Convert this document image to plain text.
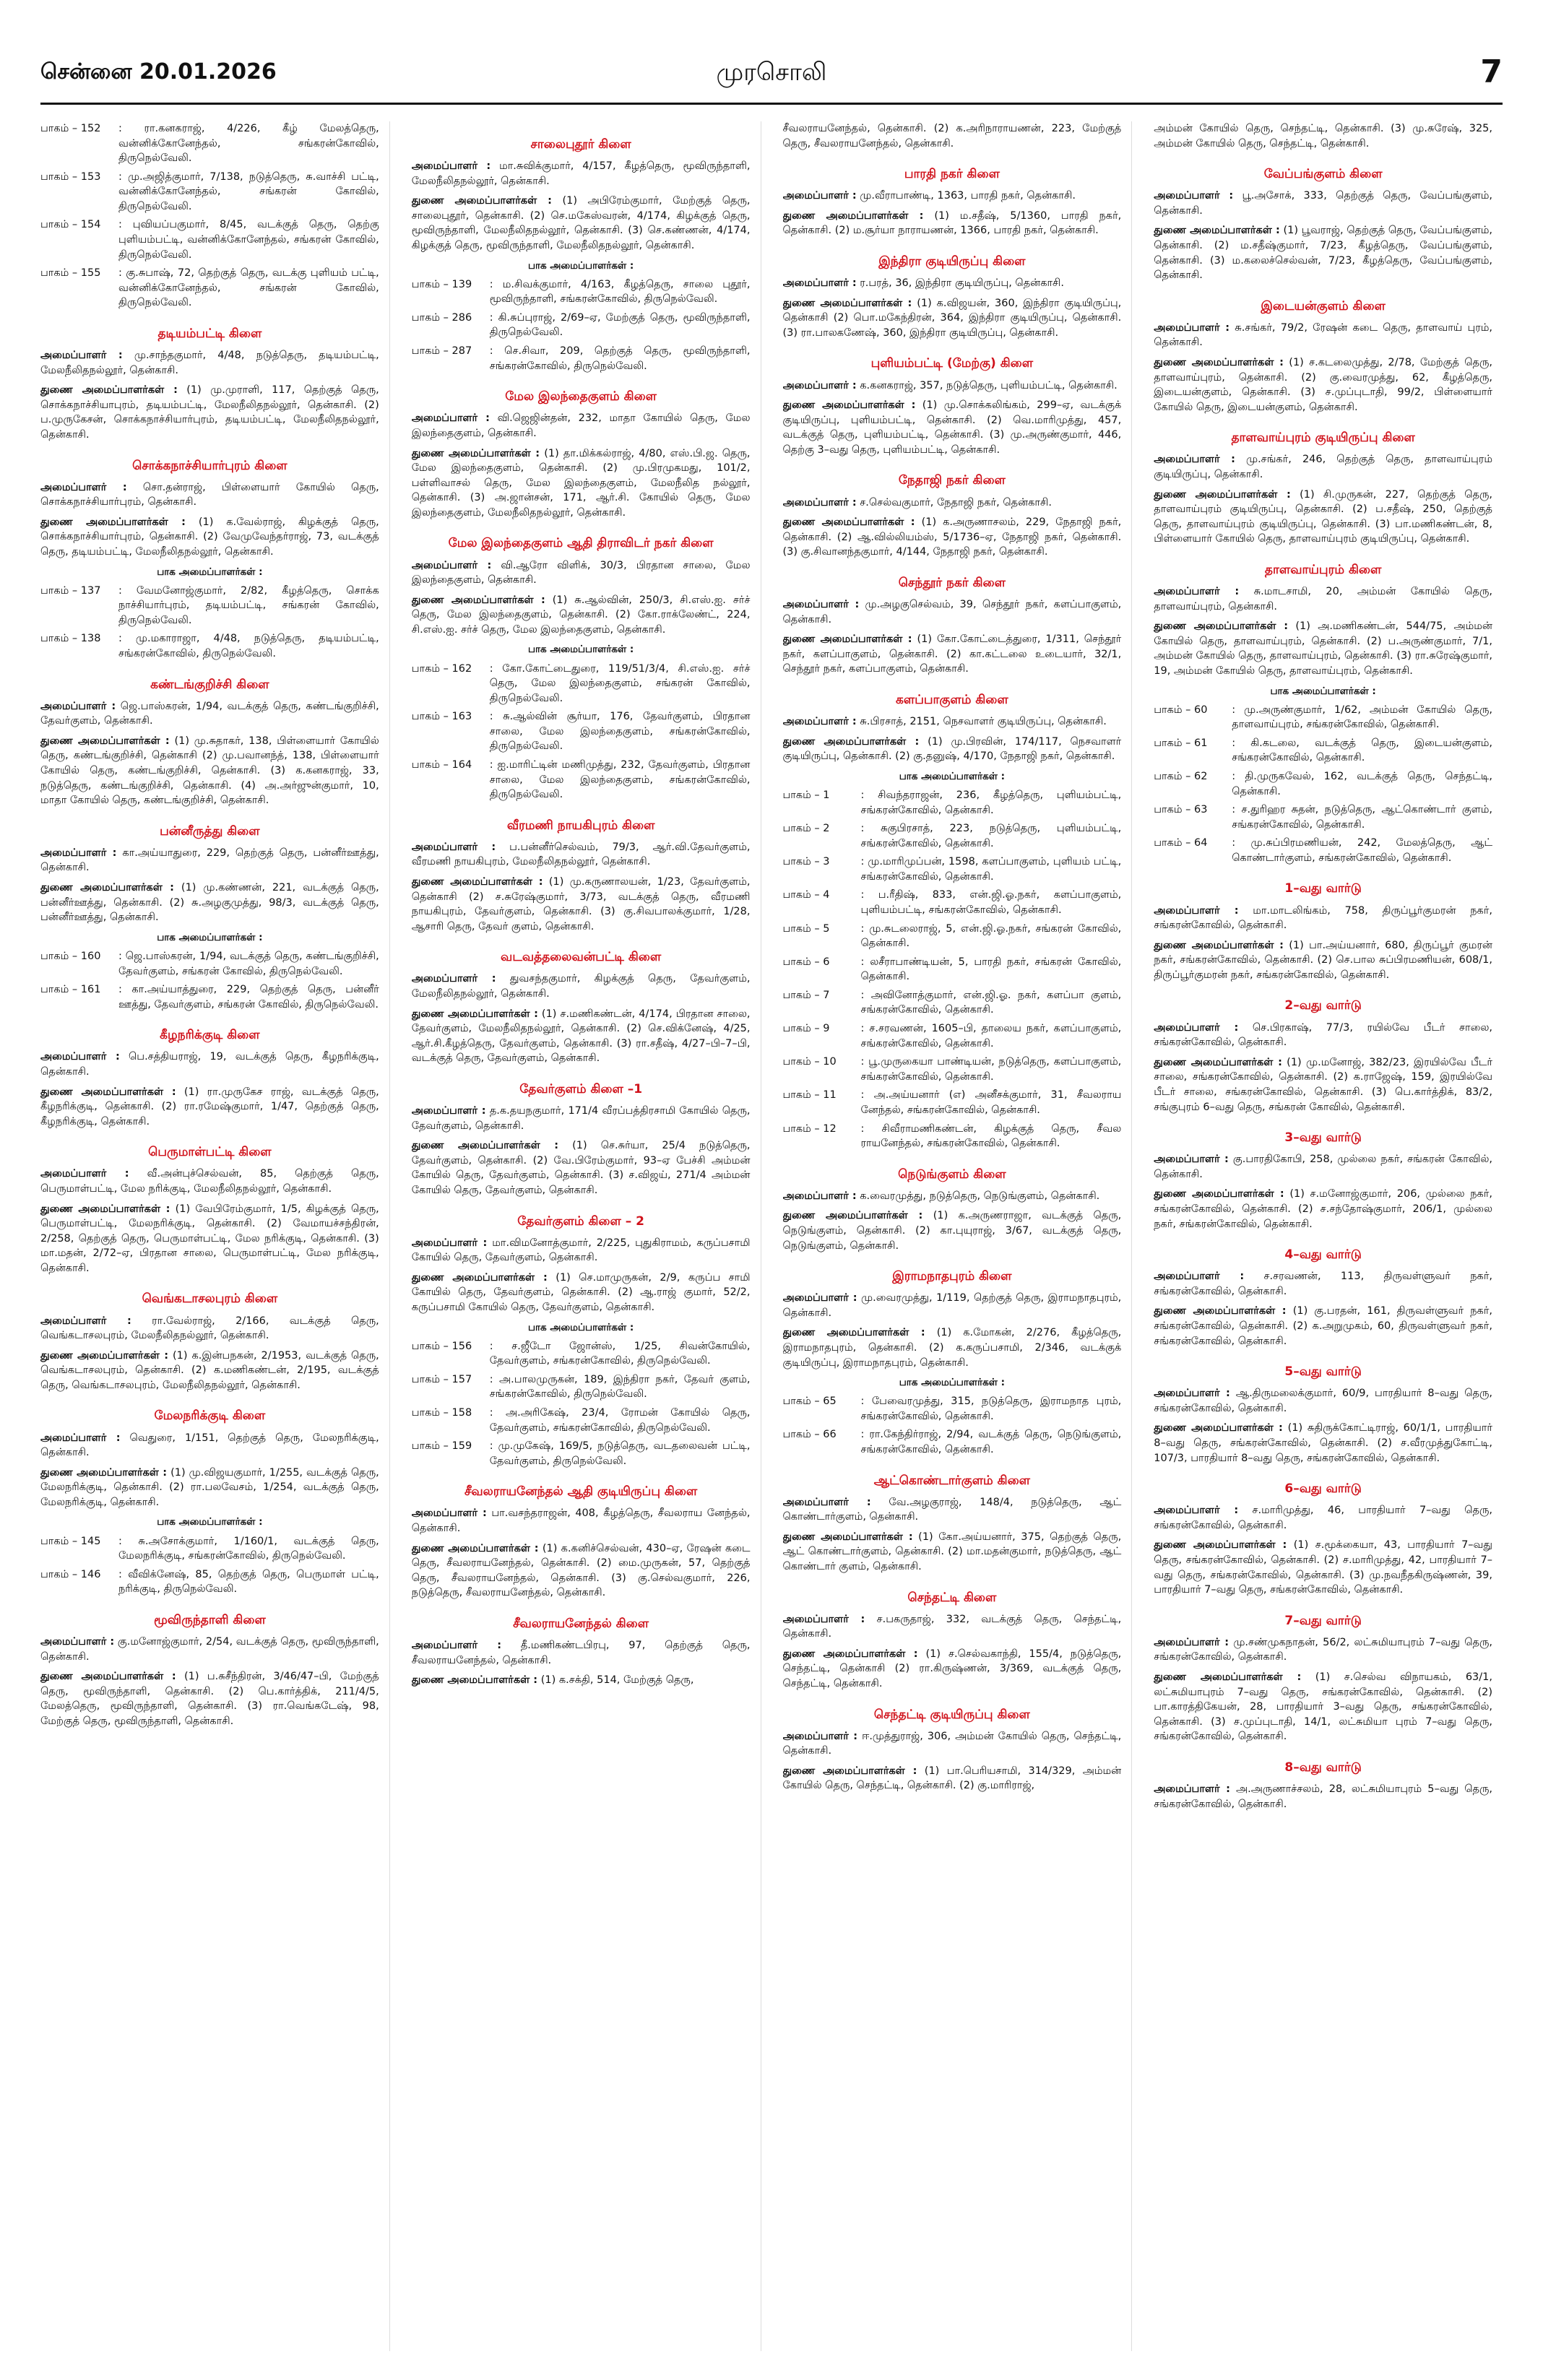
சென்னை 20.01.2026	முரசொலி	7
பாகம் – 152	: ரா.கனகராஜ், 4/226, கீழ் மேலத்தெரு, வன்னிக்கோனேந்தல், சங்கரன்கோவில், திருநெல்வேலி.
பாகம் – 153	: மு.அஜித்குமார், 7/138, நடுத்தெரு, சு.வாச்சி பட்டி, வன்னிக்கோனேந்தல், சங்கரன் கோவில், திருநெல்வேலி.
பாகம் – 154	: புவியப்பகுமார், 8/45, வடக்குத் தெரு, தெற்கு புளியம்பட்டி, வன்னிக்கோனேந்தல், சங்கரன் கோவில், திருநெல்வேலி.
பாகம் – 155	: கு.சுபாஷ், 72, தெற்குத் தெரு, வடக்கு புளியம் பட்டி, வன்னிக்கோனேந்தல், சங்கரன் கோவில், திருநெல்வேலி.
தடியம்பட்டி கிளை
அமைப்பாளர் : மு.சாந்தகுமார், 4/48, நடுத்தெரு, தடியம்பட்டி, மேலநீலிதநல்லூர், தென்காசி.
துணை அமைப்பாளர்கள் : (1) மு.முராளி, 117, தெற்குத் தெரு, சொக்கநாச்சியாபுரம், தடியம்பட்டி, மேலநீலிதநல்லூர், தென்காசி. (2) ப.முருகேசன், சொக்கநாச்சியார்புரம், தடியம்பட்டி, மேலநீலிதநல்லூர், தென்காசி.
சொக்கநாச்சியார்புரம் கிளை
அமைப்பாளர் : சொ.தன்ராஜ், பிள்ளையார் கோயில் தெரு, சொக்கநாச்சியார்புரம், தென்காசி.
துணை அமைப்பாளர்கள் : (1) க.வேல்ராஜ், கிழக்குத் தெரு, சொக்கநாச்சியார்புரம், தென்காசி. (2) வேமுவேந்தர்ராஜ், 73, வடக்குத் தெரு, தடியம்பட்டி, மேலநீலிதநல்லூர், தென்காசி.
பாக அமைப்பாளர்கள் :
பாகம் – 137	: வேமனோஜ்குமார், 2/82, கீழத்தெரு, சொக்க நாச்சியார்புரம், தடியம்பட்டி, சங்கரன் கோவில், திருநெல்வேலி.
பாகம் – 138	: மு.மகாராஜா, 4/48, நடுத்தெரு, தடியம்பட்டி, சங்கரன்கோவில், திருநெல்வேலி.
கண்டங்குறிச்சி கிளை
அமைப்பாளர் : ஜெ.பாஸ்கரன், 1/94, வடக்குத் தெரு, கண்டங்குறிச்சி, தேவர்குளம், தென்காசி.
துணை அமைப்பாளர்கள் : (1) மு.சுதாகர், 138, பிள்ளையார் கோயில் தெரு, கண்டங்குறிச்சி, தென்காசி (2) மு.பவானந்த், 138, பிள்ளையார் கோயில் தெரு, கண்டங்குறிச்சி, தென்காசி. (3) க.கனகராஜ், 33, நடுத்தெரு, கண்டங்குறிச்சி, தென்காசி. (4) அ.அர்ஜுன்குமார், 10, மாதா கோயில் தெரு, கண்டங்குறிச்சி, தென்காசி.
பன்னீருத்து கிளை
அமைப்பாளர் : கா.அய்யாதுரை, 229, தெற்குத் தெரு, பன்னீர்ஊத்து, தென்காசி.
துணை அமைப்பாளர்கள் : (1) மு.கண்ணன், 221, வடக்குத் தெரு, பன்னீர்ஊத்து, தென்காசி. (2) சு.அழகுமுத்து, 98/3, வடக்குத் தெரு, பன்னீர்ஊத்து, தென்காசி.
பாக அமைப்பாளர்கள் :
பாகம் – 160	: ஜெ.பாஸ்கரன், 1/94, வடக்குத் தெரு, கண்டங்குறிச்சி, தேவர்குளம், சங்கரன் கோவில், திருநெல்வேலி.
பாகம் – 161	: கா.அய்யாத்துரை, 229, தெற்குத் தெரு, பன்னீர் ஊத்து, தேவர்குளம், சங்கரன் கோவில், திருநெல்வேலி.
கீழநரிக்குடி கிளை
அமைப்பாளர் : பெ.சத்தியராஜ், 19, வடக்குத் தெரு, கீழநரிக்குடி, தென்காசி.
துணை அமைப்பாளர்கள் : (1) ரா.முருகேச ராஜ், வடக்குத் தெரு, கீழநரிக்குடி, தென்காசி. (2) ரா.ரமேஷ்குமார், 1/47, தெற்குத் தெரு, கீழநரிக்குடி, தென்காசி.
பெருமாள்பட்டி கிளை
அமைப்பாளர் : வீ.அன்புச்செல்வன், 85, தெற்குத் தெரு, பெருமாள்பட்டி, மேல நரிக்குடி, மேலநீலிதநல்லூர், தென்காசி.
துணை அமைப்பாளர்கள் : (1) வேபிரேம்குமார், 1/5, கிழக்குத் தெரு, பெருமாள்பட்டி, மேலநரிக்குடி, தென்காசி. (2) வேமாயச்சந்திரன், 2/258, தெற்குத் தெரு, பெருமாள்பட்டி, மேல நரிக்குடி, தென்காசி. (3) மா.மதன், 2/72–ஏ, பிரதான சாலை, பெருமாள்பட்டி, மேல நரிக்குடி, தென்காசி.
வெங்கடாசலபுரம் கிளை
அமைப்பாளர் : ரா.வேல்ராஜ், 2/166, வடக்குத் தெரு, வெங்கடாசலபுரம், மேலநீலிதநல்லூர், தென்காசி.
துணை அமைப்பாளர்கள் : (1) க.இன்பநகன், 2/1953, வடக்குத் தெரு, வெங்கடாசலபுரம், தென்காசி. (2) க.மணிகண்டன், 2/195, வடக்குத் தெரு, வெங்கடாசலபுரம், மேலநீலிதநல்லூர், தென்காசி.
மேலநரிக்குடி கிளை
அமைப்பாளர் : வெதுரை, 1/151, தெற்குத் தெரு, மேலநரிக்குடி, தென்காசி.
துணை அமைப்பாளர்கள் : (1) மு.விஜயகுமார், 1/255, வடக்குத் தெரு, மேலநரிக்குடி, தென்காசி. (2) ரா.பலவேசம், 1/254, வடக்குத் தெரு, மேலநரிக்குடி, தென்காசி.
பாக அமைப்பாளர்கள் :
பாகம் – 145	: சு.அசோக்குமார், 1/160/1, வடக்குத் தெரு, மேலநரிக்குடி, சங்கரன்கோவில், திருநெல்வேலி.
பாகம் – 146	: வீவிக்னேஷ், 85, தெற்குத் தெரு, பெருமாள் பட்டி, நரிக்குடி, திருநெல்வேலி.
மூவிருந்தாளி கிளை
அமைப்பாளர் : கு.மனோஜ்குமார், 2/54, வடக்குத் தெரு, மூவிருந்தாளி, தென்காசி.
துணை அமைப்பாளர்கள் : (1) ப.சுசீந்திரன், 3/46/47–பி, மேற்குத் தெரு, மூவிருந்தாளி, தென்காசி. (2) பெ.கார்த்திக், 211/4/5, மேலத்தெரு, மூவிருந்தாளி, தென்காசி. (3) ரா.வெங்கடேஷ், 98, மேற்குத் தெரு, மூவிருந்தாளி, தென்காசி.
சாலைபுதூர் கிளை
அமைப்பாளர் : மா.சுவிக்குமார், 4/157, கீழத்தெரு, மூவிருந்தாளி, மேலநீலிதநல்லூர், தென்காசி.
துணை அமைப்பாளர்கள் : (1) அபிரேம்குமார், மேற்குத் தெரு, சாலைபுதூர், தென்காசி. (2) செ.மகேஸ்வரன், 4/174, கிழக்குத் தெரு, மூவிருந்தாளி, மேலநீலிதநல்லூர், தென்காசி. (3) செ.கண்ணன், 4/174, கிழக்குத் தெரு, மூவிருந்தாளி, மேலநீலிதநல்லூர், தென்காசி.
பாக அமைப்பாளர்கள் :
பாகம் – 139	: ம.சிவக்குமார், 4/163, கீழத்தெரு, சாலை புதூர், மூவிருந்தாளி, சங்கரன்கோவில், திருநெல்வேலி.
பாகம் – 286	: கி.சுப்புராஜ், 2/69–ஏ, மேற்குத் தெரு, மூவிருந்தாளி, திருநெல்வேலி.
பாகம் – 287	: செ.சிவா, 209, தெற்குத் தெரு, மூவிருந்தாளி, சங்கரன்கோவில், திருநெல்வேலி.
மேல இலந்தைகுளம் கிளை
அமைப்பாளர் : வி.ஜெஜின்தன், 232, மாதா கோயில் தெரு, மேல இலந்தைகுளம், தென்காசி.
துணை அமைப்பாளர்கள் : (1) தா.மிக்கல்ராஜ், 4/80, எஸ்.பி.ஜ. தெரு, மேல இலந்தைகுளம், தென்காசி. (2) மு.பிரமுகமது, 101/2, பள்ளிவாசல் தெரு, மேல இலந்தைகுளம், மேலநீலித நல்லூர், தென்காசி. (3) அ.ஜான்சன், 171, ஆர்.சி. கோயில் தெரு, மேல இலந்தைகுளம், மேலநீலிதநல்லூர், தென்காசி.
மேல இலந்தைகுளம் ஆதி திராவிடர் நகர் கிளை
அமைப்பாளர் : வி.ஆரோ விளிக், 30/3, பிரதான சாலை, மேல இலந்தைகுளம், தென்காசி.
துணை அமைப்பாளர்கள் : (1) சு.ஆல்வின், 250/3, சி.எஸ்.ஐ. சர்ச் தெரு, மேல இலந்தைகுளம், தென்காசி. (2) கோ.ராக்லேண்ட், 224, சி.எஸ்.ஐ. சர்ச் தெரு, மேல இலந்தைகுளம், தென்காசி.
பாக அமைப்பாளர்கள் :
பாகம் – 162	: கோ.கோட்டைதுரை, 119/51/3/4, சி.எஸ்.ஐ. சர்ச் தெரு, மேல இலந்தைகுளம், சங்கரன் கோவில், திருநெல்வேலி.
பாகம் – 163	: சு.ஆல்வின் சூர்யா, 176, தேவர்குளம், பிரதான சாலை, மேல இலந்தைகுளம், சங்கரன்கோவில், திருநெல்வேலி.
பாகம் – 164	: ஐ.மாரிட்டின் மணிமுத்து, 232, தேவர்குளம், பிரதான சாலை, மேல இலந்தைகுளம், சங்கரன்கோவில், திருநெல்வேலி.
வீரமணி நாயகிபுரம் கிளை
அமைப்பாளர் : ப.பன்னீர்செல்வம், 79/3, ஆர்.வி.தேவர்குளம், வீரமணி நாயகிபுரம், மேலநீலிதநல்லூர், தென்காசி.
துணை அமைப்பாளர்கள் : (1) மு.கருணாலயன், 1/23, தேவர்குளம், தென்காசி (2) ச.சுரேஷ்குமார், 3/73, வடக்குத் தெரு, வீரமணி நாயகிபுரம், தேவர்குளம், தென்காசி. (3) கு.சிவபாலக்குமார், 1/28, ஆசாரி தெரு, தேவர் குளம், தென்காசி.
வடவத்தலைவன்பட்டி கிளை
அமைப்பாளர் : துவசந்தகுமார், கிழக்குத் தெரு, தேவர்குளம், மேலநீலிதநல்லூர், தென்காசி.
துணை அமைப்பாளர்கள் : (1) ச.மணிகண்டன், 4/174, பிரதான சாலை, தேவர்குளம், மேலநீலிதநல்லூர், தென்காசி. (2) செ.விக்னேஷ், 4/25, ஆர்.சி.கீழத்தெரு, தேவர்குளம், தென்காசி. (3) ரா.சதீஷ், 4/27–பி–7–பி, வடக்குத் தெரு, தேவர்குளம், தென்காசி.
தேவர்குளம் கிளை –1
அமைப்பாளர் : த.க.தயநகுமார், 171/4 வீரப்பத்திரசாமி கோயில் தெரு, தேவர்குளம், தென்காசி.
துணை அமைப்பாளர்கள் : (1) செ.சுர்யா, 25/4 நடுத்தெரு, தேவர்குளம், தென்காசி. (2) வே.பிரேம்குமார், 93–ஏ பேச்சி அம்மன் கோயில் தெரு, தேவர்குளம், தென்காசி. (3) ச.விஜய், 271/4 அம்மன் கோயில் தெரு, தேவர்குளம், தென்காசி.
தேவர்குளம் கிளை – 2
அமைப்பாளர் : மா.விமனோத்குமார், 2/225, புதுகிராமம், கருப்பசாமி கோயில் தெரு, தேவர்குளம், தென்காசி.
துணை அமைப்பாளர்கள் : (1) செ.மாமுருகன், 2/9, கருப்ப சாமி கோயில் தெரு, தேவர்குளம், தென்காசி. (2) ஆ.ராஜ் குமார், 52/2, கருப்பசாமி கோயில் தெரு, தேவர்குளம், தென்காசி.
பாக அமைப்பாளர்கள் :
பாகம் – 156	: ச.ஜீடோ ஜோன்ஸ், 1/25, சிவன்கோயில், தேவர்குளம், சங்கரன்கோவில், திருநெல்வேலி.
பாகம் – 157	: அ.பாலமுருகன், 189, இந்திரா நகர், தேவர் குளம், சங்கரன்கோவில், திருநெல்வேலி.
பாகம் – 158	: அ.அரிகேஷ், 23/4, ரோமன் கோயில் தெரு, தேவர்குளம், சங்கரன்கோவில், திருநெல்வேலி.
பாகம் – 159	: மு.முகேஷ், 169/5, நடுத்தெரு, வடதலைவன் பட்டி, தேவர்குளம், திருநெல்வேலி.
சீவலராயனேந்தல் ஆதி குடியிருப்பு கிளை
அமைப்பாளர் : பா.வசந்தராஜன், 408, கீழத்தெரு, சீவலராய னேந்தல், தென்காசி.
துணை அமைப்பாளர்கள் : (1) க.கனிச்செல்வன், 430–ஏ, ரேஷன் கடை தெரு, சீவலராயனேந்தல், தென்காசி. (2) மை.முருகன், 57, தெற்குத் தெரு, சீவலராயனேந்தல், தென்காசி. (3) கு.செல்வகுமார், 226, நடுத்தெரு, சீவலராயனேந்தல், தென்காசி.
சீவலராயனேந்தல் கிளை
அமைப்பாளர் : தீ.மணிகண்டபிரபு, 97, தெற்குத் தெரு, சீவலராயனேந்தல், தென்காசி.
துணை அமைப்பாளர்கள் : (1) க.சக்தி, 514, மேற்குத் தெரு,
சீவலராயனேந்தல், தென்காசி. (2) க.அரிநாராயணன், 223, மேற்குத் தெரு, சீவலராயனேந்தல், தென்காசி.
பாரதி நகர் கிளை
அமைப்பாளர் : மு.வீராபாண்டி, 1363, பாரதி நகர், தென்காசி.
துணை அமைப்பாளர்கள் : (1) ம.சதீஷ், 5/1360, பாரதி நகர், தென்காசி. (2) ம.சூர்யா நாராயணன், 1366, பாரதி நகர், தென்காசி.
இந்திரா குடியிருப்பு கிளை
அமைப்பாளர் : ர.பரத், 36, இந்திரா குடியிருப்பு, தென்காசி.
துணை அமைப்பாளர்கள் : (1) க.விஜயன், 360, இந்திரா குடியிருப்பு, தென்காசி (2) பொ.மகேந்திரன், 364, இந்திரா குடியிருப்பு, தென்காசி. (3) ரா.பாலகணேஷ், 360, இந்திரா குடியிருப்பு, தென்காசி.
புளியம்பட்டி (மேற்கு) கிளை
அமைப்பாளர் : க.கனகராஜ், 357, நடுத்தெரு, புளியம்பட்டி, தென்காசி.
துணை அமைப்பாளர்கள் : (1) மு.சொக்கலிங்கம், 299–ஏ, வடக்குக் குடியிருப்பு, புளியம்பட்டி, தென்காசி. (2) வெ.மாரிமுத்து, 457, வடக்குத் தெரு, புளியம்பட்டி, தென்காசி. (3) மு.அருண்குமார், 446, தெற்கு 3–வது தெரு, புளியம்பட்டி, தென்காசி.
நேதாஜி நகர் கிளை
அமைப்பாளர் : ச.செல்வகுமார், நேதாஜி நகர், தென்காசி.
துணை அமைப்பாளர்கள் : (1) க.அருணாசலம், 229, நேதாஜி நகர், தென்காசி. (2) ஆ.வில்லியம்ஸ், 5/1736–ஏ, நேதாஜி நகர், தென்காசி. (3) கு.சிவானந்தகுமார், 4/144, நேதாஜி நகர், தென்காசி.
செந்தூர் நகர் கிளை
அமைப்பாளர் : மு.அழகுசெல்வம், 39, செந்தூர் நகர், களப்பாகுளம், தென்காசி.
துணை அமைப்பாளர்கள் : (1) கோ.கோட்டைத்துரை, 1/311, செந்தூர் நகர், களப்பாகுளம், தென்காசி. (2) கா.கட்டலை உடையார், 32/1, செந்தூர் நகர், களப்பாகுளம், தென்காசி.
களப்பாகுளம் கிளை
அமைப்பாளர் : சு.பிரசாத், 2151, நெசவாளர் குடியிருப்பு, தென்காசி.
துணை அமைப்பாளர்கள் : (1) மு.பிரவின், 174/117, நெசவாளர் குடியிருப்பு, தென்காசி. (2) கு.தனுஷ், 4/170, நேதாஜி நகர், தென்காசி.
பாக அமைப்பாளர்கள் :
பாகம் – 1	: சிவந்தராஜன், 236, கீழத்தெரு, புளியம்பட்டி, சங்கரன்கோவில், தென்காசி.
பாகம் – 2	: சுகுபிரசாத், 223, நடுத்தெரு, புளியம்பட்டி, சங்கரன்கோவில், தென்காசி.
பாகம் – 3	: மு.மாரிமுப்பன், 1598, களப்பாகுளம், புளியம் பட்டி, சங்கரன்கோவில், தென்காசி.
பாகம் – 4	: ப.ரீதிஷ், 833, என்.ஜி.ஓ.நகர், களப்பாகுளம், புளியம்பட்டி, சங்கரன்கோவில், தென்காசி.
பாகம் – 5	: மு.சுடலைராஜ், 5, என்.ஜி.ஓ.நகர், சங்கரன் கோவில், தென்காசி.
பாகம் – 6	: லசீராபாண்டியன், 5, பாரதி நகர், சங்கரன் கோவில், தென்காசி.
பாகம் – 7	: அவினோத்குமார், என்.ஜி.ஓ. நகர், களப்பா குளம், சங்கரன்கோவில், தென்காசி.
பாகம் – 9	: ச.சரவணன், 1605–பி, தாலைய நகர், களப்பாகுளம், சங்கரன்கோவில், தென்காசி.
பாகம் – 10	: பூ.முருகையா பாண்டியன், நடுத்தெரு, களப்பாகுளம், சங்கரன்கோவில், தென்காசி.
பாகம் – 11	: அ.அய்யனார் (எ) அனீசக்குமார், 31, சீவலராய னேந்தல், சங்கரன்கோவில், தென்காசி.
பாகம் – 12	: சிவீராமணிகண்டன், கிழக்குத் தெரு, சீவல ராயனேந்தல், சங்கரன்கோவில், தென்காசி.
நெடுங்குளம் கிளை
அமைப்பாளர் : க.வைரமுத்து, நடுத்தெரு, நெடுங்குளம், தென்காசி.
துணை அமைப்பாளர்கள் : (1) க.அருணராஜா, வடக்குத் தெரு, நெடுங்குளம், தென்காசி. (2) கா.புயுராஜ், 3/67, வடக்குத் தெரு, நெடுங்குளம், தென்காசி.
இராமநாதபுரம் கிளை
அமைப்பாளர் : மு.வைரமுத்து, 1/119, தெற்குத் தெரு, இராமநாதபுரம், தென்காசி.
துணை அமைப்பாளர்கள் : (1) க.மோகன், 2/276, கீழத்தெரு, இராமநாதபுரம், தென்காசி. (2) க.கருப்பசாமி, 2/346, வடக்குக் குடியிருப்பு, இராமநாதபுரம், தென்காசி.
பாக அமைப்பாளர்கள் :
பாகம் – 65	: பேவைரமுத்து, 315, நடுத்தெரு, இராமநாத புரம், சங்கரன்கோவில், தென்காசி.
பாகம் – 66	: ரா.கேந்திர்ராஜ், 2/94, வடக்குத் தெரு, நெடுங்குளம், சங்கரன்கோவில், தென்காசி.
ஆட்கொண்டார்குளம் கிளை
அமைப்பாளர் : வே.அழகுராஜ், 148/4, நடுத்தெரு, ஆட் கொண்டார்குளம், தென்காசி.
துணை அமைப்பாளர்கள் : (1) கோ.அய்யனார், 375, தெற்குத் தெரு, ஆட் கொண்டார்குளம், தென்காசி. (2) மா.மதன்குமார், நடுத்தெரு, ஆட் கொண்டார் குளம், தென்காசி.
செந்தட்டி கிளை
அமைப்பாளர் : ச.பகருதாஜ், 332, வடக்குத் தெரு, செந்தட்டி, தென்காசி.
துணை அமைப்பாளர்கள் : (1) ச.செல்வகாந்தி, 155/4, நடுத்தெரு, செந்தட்டி, தென்காசி (2) ரா.கிருஷ்ணன், 3/369, வடக்குத் தெரு, செந்தட்டி, தென்காசி.
செந்தட்டி குடியிருப்பு கிளை
அமைப்பாளர் : ஈ.முத்துராஜ், 306, அம்மன் கோயில் தெரு, செந்தட்டி, தென்காசி.
துணை அமைப்பாளர்கள் : (1) பா.பெரியசாமி, 314/329, அம்மன் கோயில் தெரு, செந்தட்டி, தென்காசி. (2) கு.மாரிராஜ்,
அம்மன் கோயில் தெரு, செந்தட்டி, தென்காசி. (3) மு.சுரேஷ், 325, அம்மன் கோயில் தெரு, செந்தட்டி, தென்காசி.
வேப்பங்குளம் கிளை
அமைப்பாளர் : பூ.அசோக், 333, தெற்குத் தெரு, வேப்பங்குளம், தென்காசி.
துணை அமைப்பாளர்கள் : (1) பூவராஜ், தெற்குத் தெரு, வேப்பங்குளம், தென்காசி. (2) ம.சதீஷ்குமார், 7/23, கீழத்தெரு, வேப்பங்குளம், தென்காசி. (3) ம.கலைச்செல்வன், 7/23, கீழத்தெரு, வேப்பங்குளம், தென்காசி.
இடையன்குளம் கிளை
அமைப்பாளர் : சு.சங்கர், 79/2, ரேஷன் கடை தெரு, தாளவாய் புரம், தென்காசி.
துணை அமைப்பாளர்கள் : (1) ச.கடலைமுத்து, 2/78, மேற்குத் தெரு, தாளவாய்புரம், தென்காசி. (2) கு.வைரமுத்து, 62, கீழத்தெரு, இடையன்குளம், தென்காசி. (3) ச.முப்புடாதி, 99/2, பிள்ளையார் கோயில் தெரு, இடையன்குளம், தென்காசி.
தாளவாய்புரம் குடியிருப்பு கிளை
அமைப்பாளர் : மு.சங்கர், 246, தெற்குத் தெரு, தாளவாய்புரம் குடியிருப்பு, தென்காசி.
துணை அமைப்பாளர்கள் : (1) சி.முருகன், 227, தெற்குத் தெரு, தாளவாய்புரம் குடியிருப்பு, தென்காசி. (2) ப.சதீஷ், 250, தெற்குத் தெரு, தாளவாய்புரம் குடியிருப்பு, தென்காசி. (3) பா.மணிகண்டன், 8, பிள்ளையார் கோயில் தெரு, தாளவாய்புரம் குடியிருப்பு, தென்காசி.
தாளவாய்புரம் கிளை
அமைப்பாளர் : சு.மாடசாமி, 20, அம்மன் கோயில் தெரு, தாளவாய்புரம், தென்காசி.
துணை அமைப்பாளர்கள் : (1) அ.மணிகண்டன், 544/75, அம்மன் கோயில் தெரு, தாளவாய்புரம், தென்காசி. (2) ப.அருண்குமார், 7/1, அம்மன் கோயில் தெரு, தாளவாய்புரம், தென்காசி. (3) ரா.சுரேஷ்குமார், 19, அம்மன் கோயில் தெரு, தாளவாய்புரம், தென்காசி.
பாக அமைப்பாளர்கள் :
பாகம் – 60	: மு.அருண்குமார், 1/62, அம்மன் கோயில் தெரு, தாளவாய்புரம், சங்கரன்கோவில், தென்காசி.
பாகம் – 61	: கி.கடலை, வடக்குத் தெரு, இடையன்குளம், சங்கரன்கோவில், தென்காசி.
பாகம் – 62	: தி.முருகவேல், 162, வடக்குத் தெரு, செந்தட்டி, தென்காசி.
பாகம் – 63	: ச.துரிஹர சுதன், நடுத்தெரு, ஆட்கொண்டார் குளம், சங்கரன்கோவில், தென்காசி.
பாகம் – 64	: மு.சுப்பிரமணியன், 242, மேலத்தெரு, ஆட் கொண்டார்குளம், சங்கரன்கோவில், தென்காசி.
1–வது வார்டு
அமைப்பாளர் : மா.மாடலிங்கம், 758, திருப்பூர்குமரன் நகர், சங்கரன்கோவில், தென்காசி.
துணை அமைப்பாளர்கள் : (1) பா.அய்யனார், 680, திருப்பூர் குமரன் நகர், சங்கரன்கோவில், தென்காசி. (2) செ.பால சுப்பிரமணியன், 608/1, திருப்பூர்குமரன் நகர், சங்கரன்கோவில், தென்காசி.
2–வது வார்டு
அமைப்பாளர் : செ.பிரகாஷ், 77/3, ரயில்வே பீடர் சாலை, சங்கரன்கோவில், தென்காசி.
துணை அமைப்பாளர்கள் : (1) மு.மனோஜ், 382/23, இரயில்வே பீடர் சாலை, சங்கரன்கோவில், தென்காசி. (2) க.ராஜேஷ், 159, இரயில்வே பீடர் சாலை, சங்கரன்கோவில், தென்காசி. (3) பெ.கார்த்திக், 83/2, சங்குபுரம் 6–வது தெரு, சங்கரன் கோவில், தென்காசி.
3–வது வார்டு
அமைப்பாளர் : கு.பாரதிகோபி, 258, முல்லை நகர், சங்கரன் கோவில், தென்காசி.
துணை அமைப்பாளர்கள் : (1) ச.மனோஜ்குமார், 206, முல்லை நகர், சங்கரன்கோவில், தென்காசி. (2) ச.சந்தோஷ்குமார், 206/1, முல்லை நகர், சங்கரன்கோவில், தென்காசி.
4–வது வார்டு
அமைப்பாளர் : ச.சரவணன், 113, திருவள்ளுவர் நகர், சங்கரன்கோவில், தென்காசி.
துணை அமைப்பாளர்கள் : (1) கு.பரதன், 161, திருவள்ளுவர் நகர், சங்கரன்கோவில், தென்காசி. (2) க.அறுமுகம், 60, திருவள்ளுவர் நகர், சங்கரன்கோவில், தென்காசி.
5–வது வார்டு
அமைப்பாளர் : ஆ.திருமலைக்குமார், 60/9, பாரதியார் 8–வது தெரு, சங்கரன்கோவில், தென்காசி.
துணை அமைப்பாளர்கள் : (1) சுதிருக்கோட்டிராஜ், 60/1/1, பாரதியார் 8–வது தெரு, சங்கரன்கோவில், தென்காசி. (2) ச.வீரமுத்துகோட்டி, 107/3, பாரதியார் 8–வது தெரு, சங்கரன்கோவில், தென்காசி.
6–வது வார்டு
அமைப்பாளர் : ச.மாரிமுத்து, 46, பாரதியார் 7–வது தெரு, சங்கரன்கோவில், தென்காசி.
துணை அமைப்பாளர்கள் : (1) ச.மூக்கையா, 43, பாரதியார் 7–வது தெரு, சங்கரன்கோவில், தென்காசி. (2) ச.மாரிமுத்து, 42, பாரதியார் 7–வது தெரு, சங்கரன்கோவில், தென்காசி. (3) மு.நவநீதகிருஷ்ணன், 39, பாரதியார் 7–வது தெரு, சங்கரன்கோவில், தென்காசி.
7–வது வார்டு
அமைப்பாளர் : மு.சண்முகநாதன், 56/2, லட்சுமியாபுரம் 7–வது தெரு, சங்கரன்கோவில், தென்காசி.
துணை அமைப்பாளர்கள் : (1) ச.செல்வ விநாயகம், 63/1, லட்சுமியாபுரம் 7–வது தெரு, சங்கரன்கோவில், தென்காசி. (2) பா.காரத்திகேயன், 28, பாரதியார் 3–வது தெரு, சங்கரன்கோவில், தென்காசி. (3) ச.முப்புடாதி, 14/1, லட்சுமியா புரம் 7–வது தெரு, சங்கரன்கோவில், தென்காசி.
8–வது வார்டு
அமைப்பாளர் : அ.அருணாச்சலம், 28, லட்சுமியாபுரம் 5–வது தெரு, சங்கரன்கோவில், தென்காசி.
